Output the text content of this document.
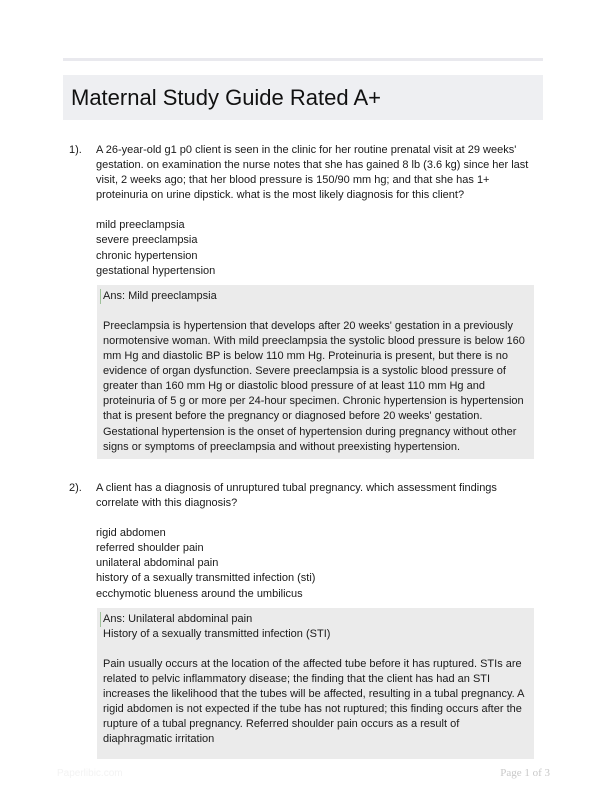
Maternal Study Guide Rated A+
1). A 26-year-old g1 p0 client is seen in the clinic for her routine prenatal visit at 29 weeks' gestation. on examination the nurse notes that she has gained 8 lb (3.6 kg) since her last visit, 2 weeks ago; that her blood pressure is 150/90 mm hg; and that she has 1+ proteinuria on urine dipstick. what is the most likely diagnosis for this client?
mild preeclampsia
severe preeclampsia
chronic hypertension
gestational hypertension
Ans: Mild preeclampsia
Preeclampsia is hypertension that develops after 20 weeks' gestation in a previously normotensive woman. With mild preeclampsia the systolic blood pressure is below 160 mm Hg and diastolic BP is below 110 mm Hg. Proteinuria is present, but there is no evidence of organ dysfunction. Severe preeclampsia is a systolic blood pressure of greater than 160 mm Hg or diastolic blood pressure of at least 110 mm Hg and proteinuria of 5 g or more per 24-hour specimen. Chronic hypertension is hypertension that is present before the pregnancy or diagnosed before 20 weeks' gestation. Gestational hypertension is the onset of hypertension during pregnancy without other signs or symptoms of preeclampsia and without preexisting hypertension.
2). A client has a diagnosis of unruptured tubal pregnancy. which assessment findings correlate with this diagnosis?
rigid abdomen
referred shoulder pain
unilateral abdominal pain
history of a sexually transmitted infection (sti)
ecchymotic blueness around the umbilicus
Ans: Unilateral abdominal pain
History of a sexually transmitted infection (STI)
Pain usually occurs at the location of the affected tube before it has ruptured. STIs are related to pelvic inflammatory disease; the finding that the client has had an STI increases the likelihood that the tubes will be affected, resulting in a tubal pregnancy. A rigid abdomen is not expected if the tube has not ruptured; this finding occurs after the rupture of a tubal pregnancy. Referred shoulder pain occurs as a result of diaphragmatic irritation
Paperlibic.com	Page 1 of 3
